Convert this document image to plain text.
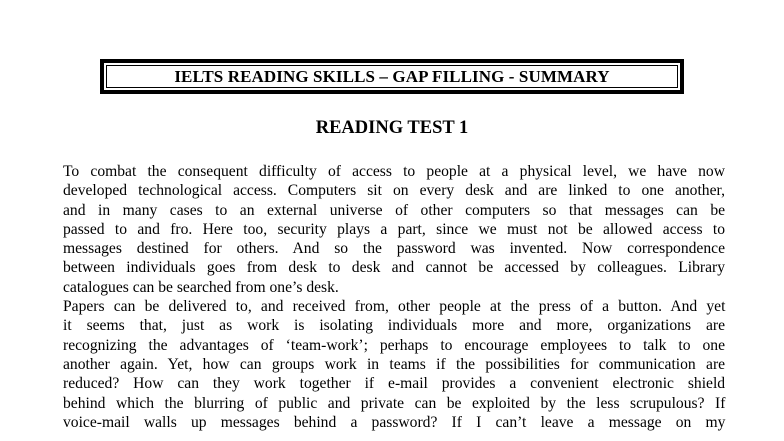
IELTS READING SKILLS – GAP FILLING - SUMMARY
READING TEST 1
To combat the consequent difficulty of access to people at a physical level, we have now
developed technological access. Computers sit on every desk and are linked to one another,
and in many cases to an external universe of other computers so that messages can be
passed to and fro. Here too, security plays a part, since we must not be allowed access to
messages destined for others. And so the password was invented. Now correspondence
between individuals goes from desk to desk and cannot be accessed by colleagues. Library
catalogues can be searched from one’s desk.
Papers can be delivered to, and received from, other people at the press of a button. And yet
it seems that, just as work is isolating individuals more and more, organizations are
recognizing the advantages of ‘team-work’; perhaps to encourage employees to talk to one
another again. Yet, how can groups work in teams if the possibilities for communication are
reduced? How can they work together if e-mail provides a convenient electronic shield
behind which the blurring of public and private can be exploited by the less scrupulous? If
voice-mail walls up messages behind a password? If I can’t leave a message on my
